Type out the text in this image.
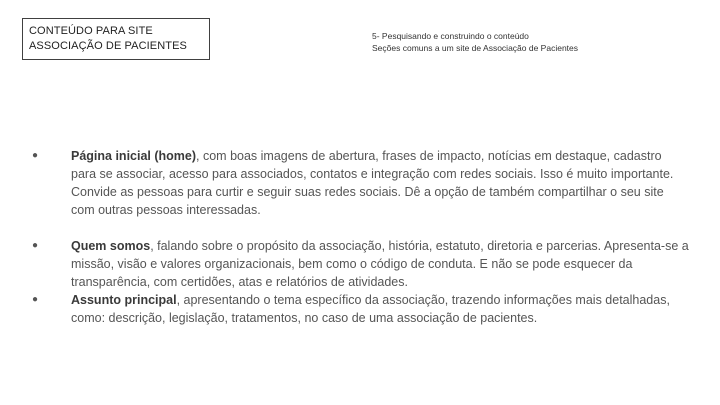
CONTEÚDO PARA SITE
ASSOCIAÇÃO DE PACIENTES
5- Pesquisando e construindo o conteúdo
Seções comuns a um site de Associação de Pacientes
●
Página inicial (home), com boas imagens de abertura, frases de impacto, notícias em destaque, cadastro para se associar, acesso para associados, contatos e integração com redes sociais. Isso é muito importante. Convide as pessoas para curtir e seguir suas redes sociais. Dê a opção de também compartilhar o seu site com outras pessoas interessadas.
●
Quem somos, falando sobre o propósito da associação, história, estatuto, diretoria e parcerias. Apresenta-se a missão, visão e valores organizacionais, bem como o código de conduta. E não se pode esquecer da transparência, com certidões, atas e relatórios de atividades.
●
Assunto principal, apresentando o tema específico da associação, trazendo informações mais detalhadas, como: descrição, legislação, tratamentos, no caso de uma associação de pacientes.
